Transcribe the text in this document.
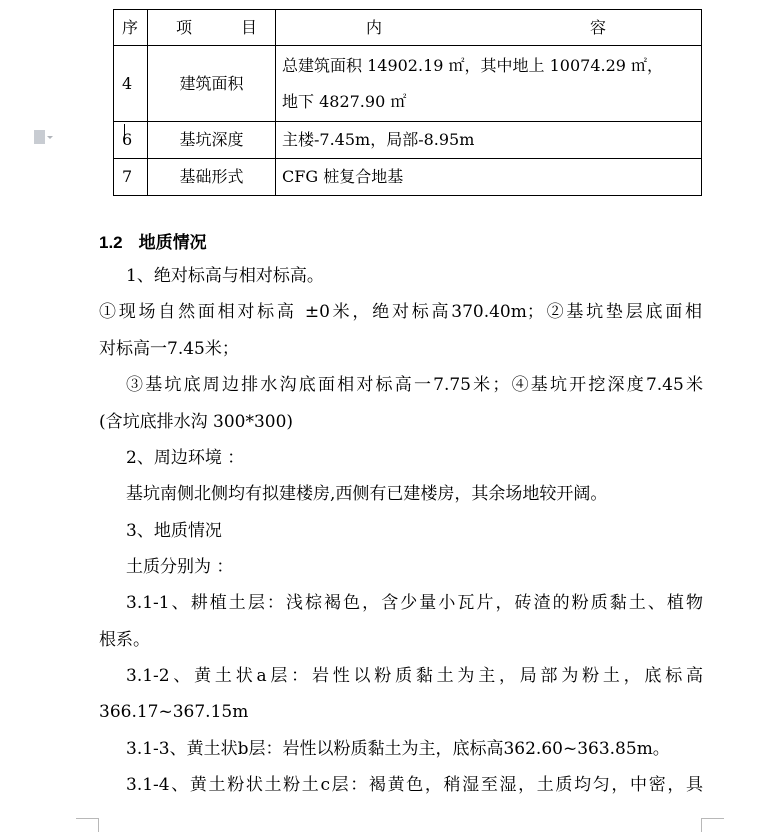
序	项 目	内 容

4	建筑面积	总建筑面积 14902.19 ㎡，其中地上 10074.29 ㎡，
地下 4827.90 ㎡

6	基坑深度	主楼-7.45m，局部-8.95m
7	基础形式	CFG 桩复合地基
1.2 地质情况
1、绝对标高与相对标高。
①现场自然面相对标高 ±0米，绝对标高370.40m；②基坑垫层底面相
对标高一7.45米；
③基坑底周边排水沟底面相对标高一7.75米；④基坑开挖深度7.45米
(含坑底排水沟 300*300)
2、周边环境 ：
基坑南侧北侧均有拟建楼房,西侧有已建楼房，其余场地较开阔。
3、地质情况
土质分别为 ：
3.1-1、耕植土层：浅棕褐色，含少量小瓦片，砖渣的粉质黏土、植物
根系。
3.1-2、黄土状a层：岩性以粉质黏土为主，局部为粉土，底标高
366.17~367.15m
3.1-3、黄土状b层：岩性以粉质黏土为主，底标高362.60~363.85m。
3.1-4、黄土粉状土粉土c层：褐黄色，稍湿至湿，土质均匀，中密，具
